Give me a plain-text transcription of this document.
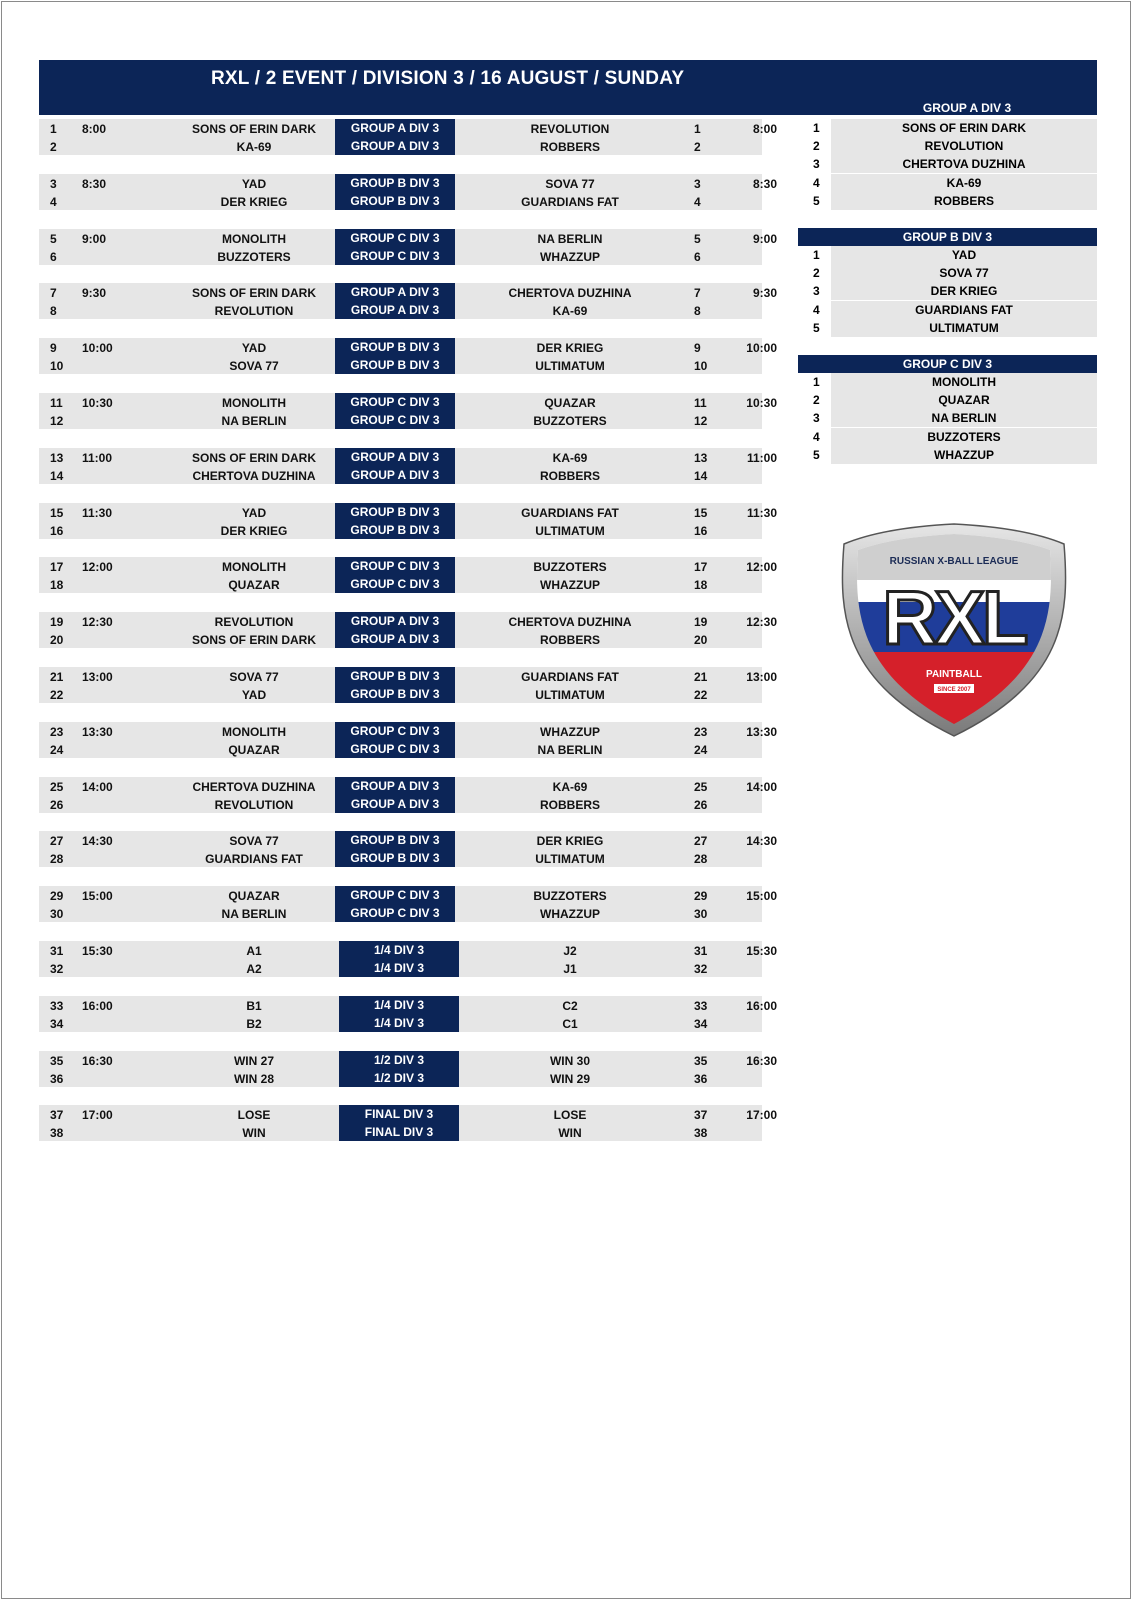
RXL / 2 EVENT / DIVISION 3 / 16 AUGUST / SUNDAY
GROUP A DIV 3
1 8:00	SONS OF ERIN DARK	GROUP A DIV 3	REVOLUTION	1	8:00
2	KA-69	GROUP A DIV 3	ROBBERS	2
3 8:30	YAD	GROUP B DIV 3	SOVA 77	3	8:30
4	DER KRIEG	GROUP B DIV 3	GUARDIANS FAT	4
5 9:00	MONOLITH	GROUP C DIV 3	NA BERLIN	5	9:00
6	BUZZOTERS	GROUP C DIV 3	WHAZZUP	6
7 9:30	SONS OF ERIN DARK	GROUP A DIV 3	CHERTOVA DUZHINA	7	9:30
8	REVOLUTION	GROUP A DIV 3	KA-69	8
9 10:00	YAD	GROUP B DIV 3	DER KRIEG	9	10:00
10	SOVA 77	GROUP B DIV 3	ULTIMATUM	10
11 10:30	MONOLITH	GROUP C DIV 3	QUAZAR	11	10:30
12	NA BERLIN	GROUP C DIV 3	BUZZOTERS	12
13 11:00	SONS OF ERIN DARK	GROUP A DIV 3	KA-69	13	11:00
14	CHERTOVA DUZHINA	GROUP A DIV 3	ROBBERS	14
15 11:30	YAD	GROUP B DIV 3	GUARDIANS FAT	15	11:30
16	DER KRIEG	GROUP B DIV 3	ULTIMATUM	16
17 12:00	MONOLITH	GROUP C DIV 3	BUZZOTERS	17	12:00
18	QUAZAR	GROUP C DIV 3	WHAZZUP	18
19 12:30	REVOLUTION	GROUP A DIV 3	CHERTOVA DUZHINA	19	12:30
20	SONS OF ERIN DARK	GROUP A DIV 3	ROBBERS	20
21 13:00	SOVA 77	GROUP B DIV 3	GUARDIANS FAT	21	13:00
22	YAD	GROUP B DIV 3	ULTIMATUM	22
23 13:30	MONOLITH	GROUP C DIV 3	WHAZZUP	23	13:30
24	QUAZAR	GROUP C DIV 3	NA BERLIN	24
25 14:00	CHERTOVA DUZHINA	GROUP A DIV 3	KA-69	25	14:00
26	REVOLUTION	GROUP A DIV 3	ROBBERS	26
27 14:30	SOVA 77	GROUP B DIV 3	DER KRIEG	27	14:30
28	GUARDIANS FAT	GROUP B DIV 3	ULTIMATUM	28
29 15:00	QUAZAR	GROUP C DIV 3	BUZZOTERS	29	15:00
30	NA BERLIN	GROUP C DIV 3	WHAZZUP	30
31 15:30	A1	1/4 DIV 3	J2	31	15:30
32	A2	1/4 DIV 3	J1	32
33 16:00	B1	1/4 DIV 3	C2	33	16:00
34	B2	1/4 DIV 3	C1	34
35 16:30	WIN 27	1/2 DIV 3	WIN 30	35	16:30
36	WIN 28	1/2 DIV 3	WIN 29	36
37 17:00	LOSE	FINAL DIV 3	LOSE	37	17:00
38	WIN	FINAL DIV 3	WIN	38
1	SONS OF ERIN DARK
2	REVOLUTION
3	CHERTOVA DUZHINA
4	KA-69
5	ROBBERS
GROUP B DIV 3
1	YAD
2	SOVA 77
3	DER KRIEG
4	GUARDIANS FAT
5	ULTIMATUM
GROUP C DIV 3
1	MONOLITH
2	QUAZAR
3	NA BERLIN
4	BUZZOTERS
5	WHAZZUP
RUSSIAN X-BALL LEAGUE
RXL
PAINTBALL
SINCE 2007
